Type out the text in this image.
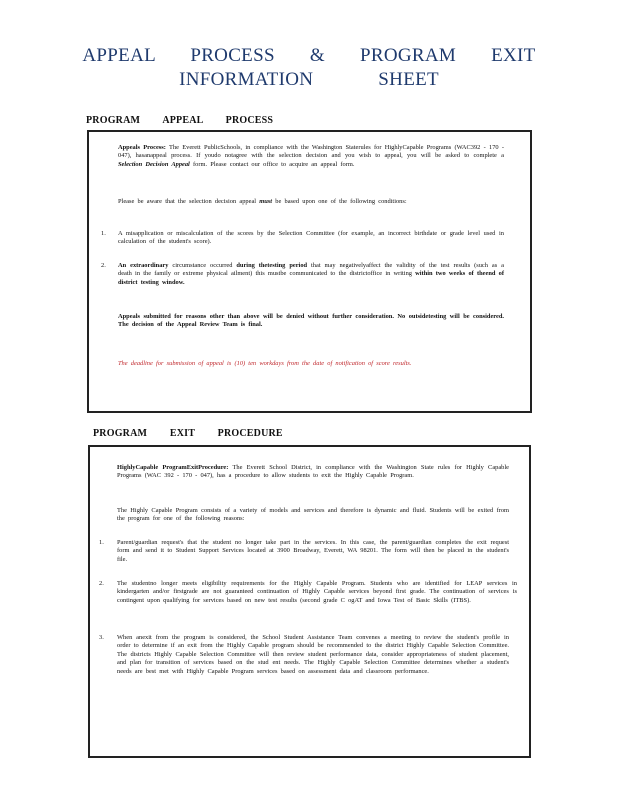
APPEAL PROCESS & PROGRAM EXIT
INFORMATION SHEET
PROGRAM APPEAL PROCESS

Appeals Process: The Everett PublicSchools, in compliance with the Washington Staterules for HighlyCapable Programs (WAC392 - 170 - 047), hasanappeal process. If youdo notagree with the selection decision and you wish to appeal, you will be asked to complete a Selection Decision Appeal form. Please contact our office to acquire an appeal form.

Please be aware that the selection decision appeal must be based upon one of the following conditions:

1. A misapplication or miscalculation of the scores by the Selection Committee (for example, an incorrect birthdate or grade level used in calculation of the student's score).

2. An extraordinary circumstance occurred during thetesting period that may negativelyaffect the validity of the test results (such as a death in the family or extreme physical ailment) this mustbe communicated to the districtoffice in writing within two weeks of theend of district testing window.

Appeals submitted for reasons other than above will be denied without further consideration. No outsidetesting will be considered. The decision of the Appeal Review Team is final.

The deadline for submission of appeal is (10) ten workdays from the date of notification of score results.

PROGRAM EXIT PROCEDURE

HighlyCapable ProgramExitProcedure: The Everett School District, in compliance with the Washington State rules for Highly Capable Programs (WAC 392 - 170 - 047), has a procedure to allow students to exit the Highly Capable Program.

The Highly Capable Program consists of a variety of models and services and therefore is dynamic and fluid. Students will be exited from the program for one of the following reasons:

1. Parent/guardian request's that the student no longer take part in the services. In this case, the parent/guardian completes the exit request form and send it to Student Support Services located at 3900 Broadway, Everett, WA 98201. The form will then be placed in the student's file.

2. The studentno longer meets eligibility requirements for the Highly Capable Program. Students who are identified for LEAP services in kindergarten and/or firstgrade are not guaranteed continuation of Highly Capable services beyond first grade. The continuation of services is contingent upon qualifying for services based on new test results (second grade C ogAT and Iowa Test of Basic Skills (ITBS).

3. When anexit from the program is considered, the School Student Assistance Team convenes a meeting to review the student's profile in order to determine if an exit from the Highly Capable program should be recommended to the district Highly Capable Selection Committee. The districts Highly Capable Selection Committee will then review student performance data, consider appropriateness of student placement, and plan for transition of services based on the stud ent needs. The Highly Capable Selection Committee determines whether a student's needs are best met with Highly Capable Program services based on assessment data and classroom performance.
